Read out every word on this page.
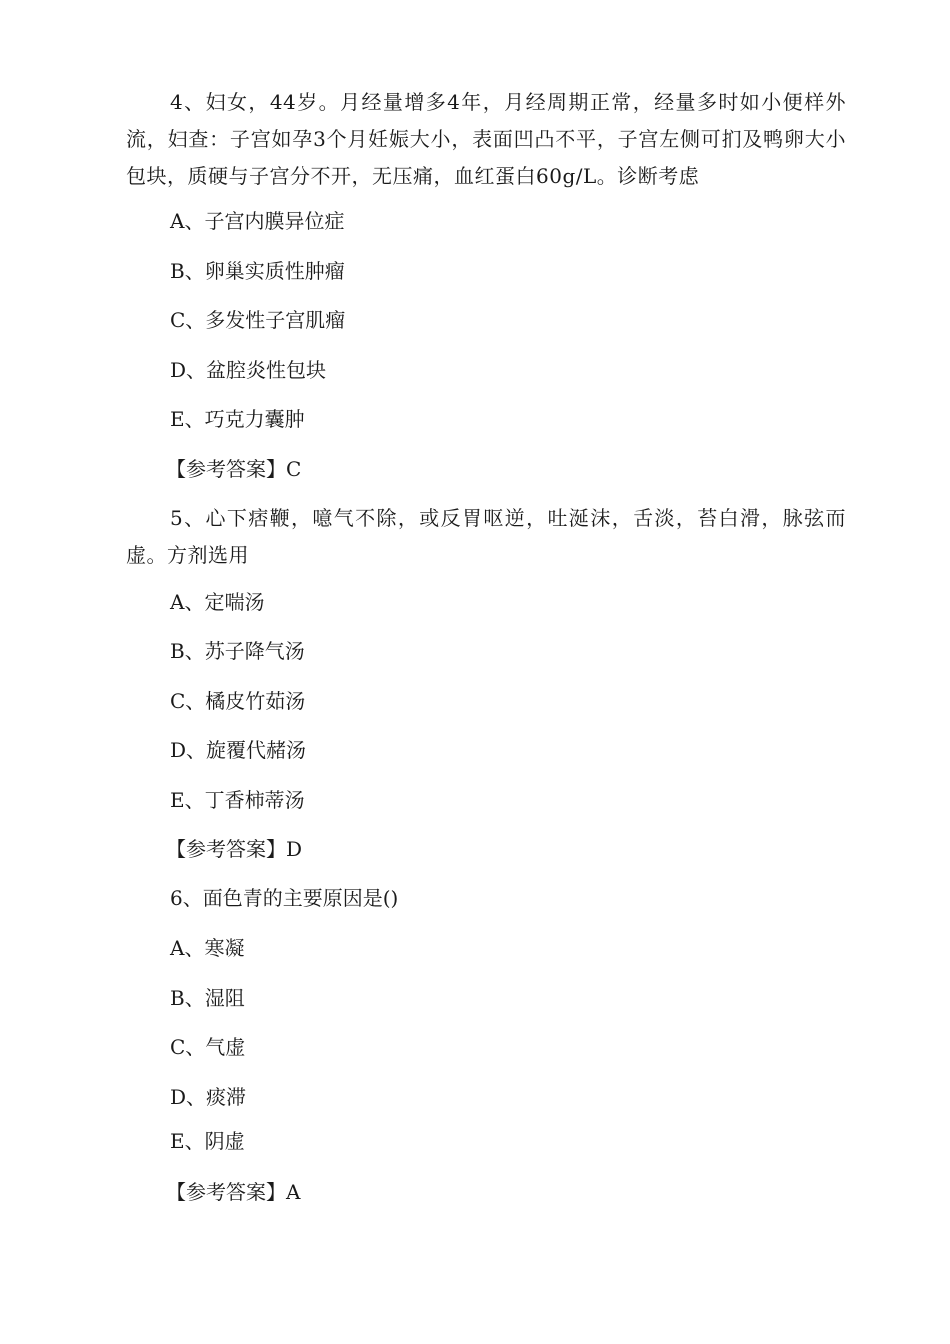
4、妇女，44岁。月经量增多4年，月经周期正常，经量多时如小便样外流，妇查：子宫如孕3个月妊娠大小，表面凹凸不平，子宫左侧可扪及鸭卵大小包块，质硬与子宫分不开，无压痛，血红蛋白60g/L。诊断考虑
A、子宫内膜异位症
B、卵巢实质性肿瘤
C、多发性子宫肌瘤
D、盆腔炎性包块
E、巧克力囊肿
【参考答案】C
5、心下痞鞭，噫气不除，或反胃呕逆，吐涎沫，舌淡，苔白滑，脉弦而虚。方剂选用
A、定喘汤
B、苏子降气汤
C、橘皮竹茹汤
D、旋覆代赭汤
E、丁香柿蒂汤
【参考答案】D
6、面色青的主要原因是()
A、寒凝
B、湿阻
C、气虚
D、痰滞
E、阴虚
【参考答案】A
